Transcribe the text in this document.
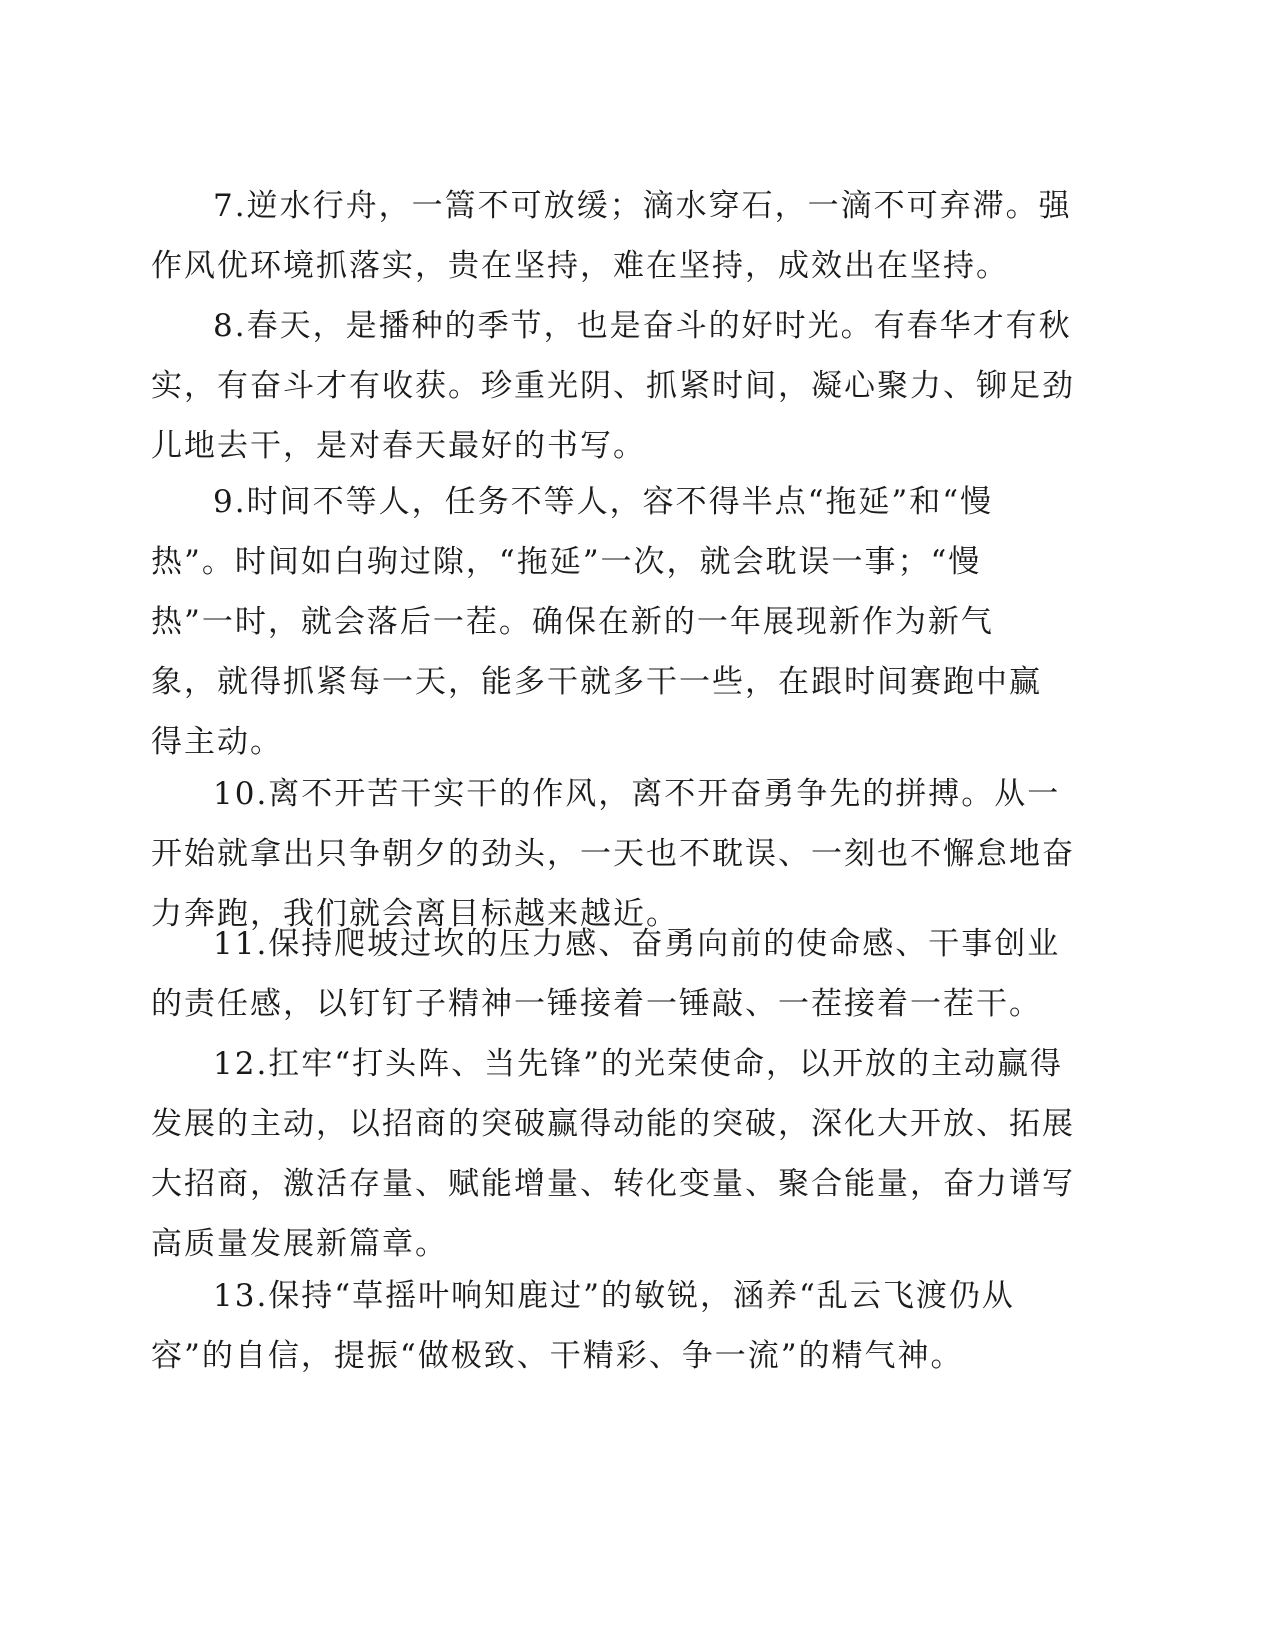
7.逆水行舟，一篙不可放缓；滴水穿石，一滴不可弃滞。强作风优环境抓落实，贵在坚持，难在坚持，成效出在坚持。

8.春天，是播种的季节，也是奋斗的好时光。有春华才有秋实，有奋斗才有收获。珍重光阴、抓紧时间，凝心聚力、铆足劲儿地去干，是对春天最好的书写。

9.时间不等人，任务不等人，容不得半点“拖延”和“慢热”。时间如白驹过隙，“拖延”一次，就会耽误一事；“慢热”一时，就会落后一茬。确保在新的一年展现新作为新气象，就得抓紧每一天，能多干就多干一些，在跟时间赛跑中赢得主动。

10.离不开苦干实干的作风，离不开奋勇争先的拼搏。从一开始就拿出只争朝夕的劲头，一天也不耽误、一刻也不懈怠地奋力奔跑，我们就会离目标越来越近。

11.保持爬坡过坎的压力感、奋勇向前的使命感、干事创业的责任感，以钉钉子精神一锤接着一锤敲、一茬接着一茬干。

12.扛牢“打头阵、当先锋”的光荣使命，以开放的主动赢得发展的主动，以招商的突破赢得动能的突破，深化大开放、拓展大招商，激活存量、赋能增量、转化变量、聚合能量，奋力谱写高质量发展新篇章。

13.保持“草摇叶响知鹿过”的敏锐，涵养“乱云飞渡仍从容”的自信，提振“做极致、干精彩、争一流”的精气神。
